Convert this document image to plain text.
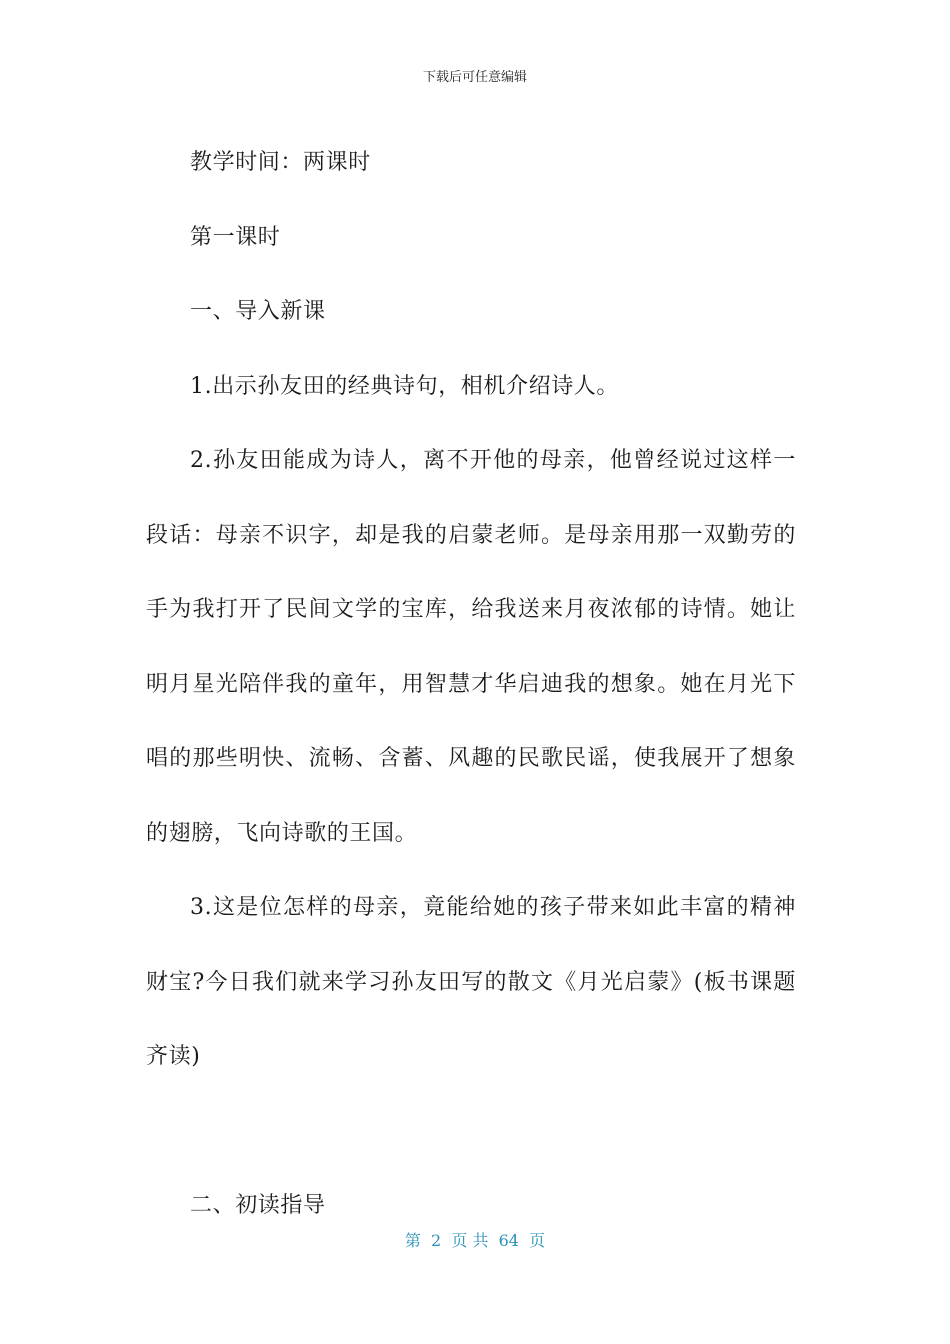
下载后可任意编辑

教学时间：两课时

第一课时

一、导入新课

1.出示孙友田的经典诗句，相机介绍诗人。

2.孙友田能成为诗人，离不开他的母亲，他曾经说过这样一段话：母亲不识字，却是我的启蒙老师。是母亲用那一双勤劳的手为我打开了民间文学的宝库，给我送来月夜浓郁的诗情。她让明月星光陪伴我的童年，用智慧才华启迪我的想象。她在月光下唱的那些明快、流畅、含蓄、风趣的民歌民谣，使我展开了想象的翅膀，飞向诗歌的王国。

3.这是位怎样的母亲，竟能给她的孩子带来如此丰富的精神财宝?今日我们就来学习孙友田写的散文《月光启蒙》(板书课题齐读)

二、初读指导

第  2  页 共  64  页
